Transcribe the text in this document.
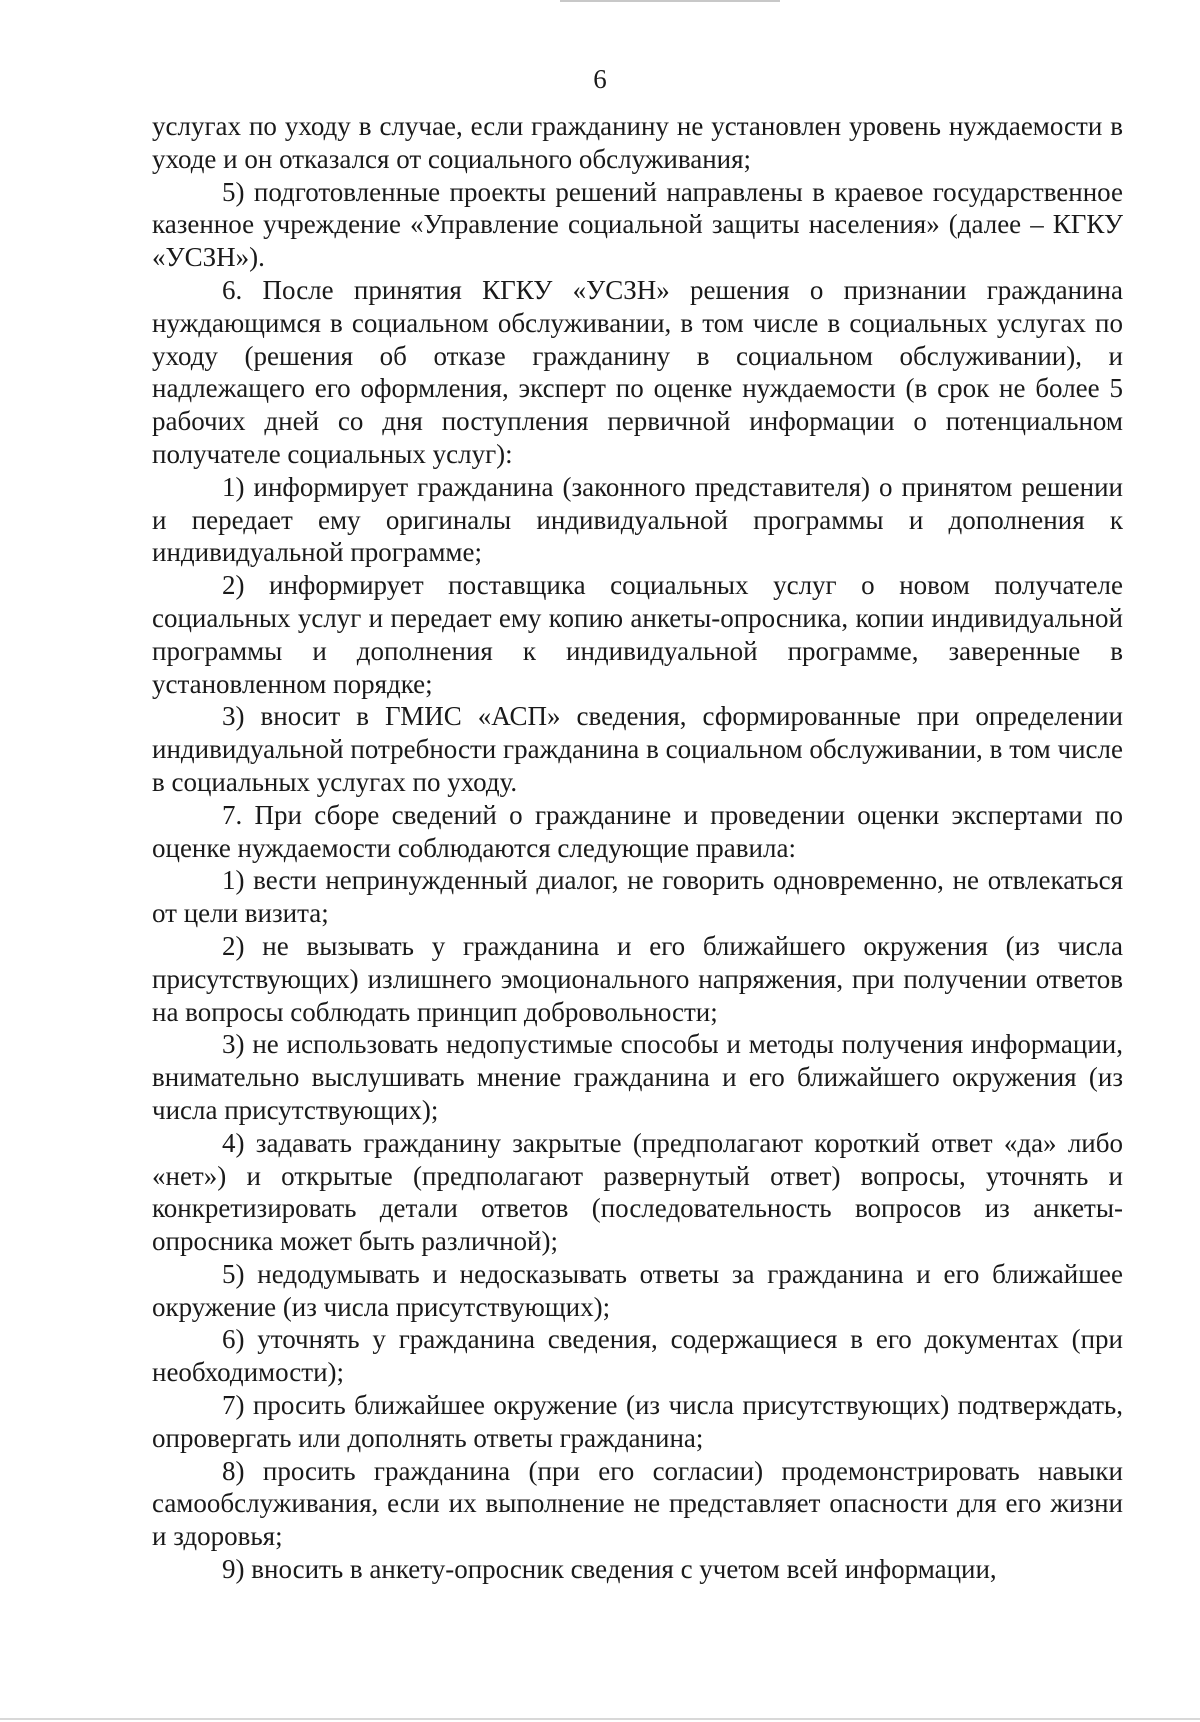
6

услугах по уходу в случае, если гражданину не установлен уровень нуждаемости в уходе и он отказался от социального обслуживания;

5) подготовленные проекты решений направлены в краевое государственное казенное учреждение «Управление социальной защиты населения» (далее – КГКУ «УСЗН»).

6. После принятия КГКУ «УСЗН» решения о признании гражданина нуждающимся в социальном обслуживании, в том числе в социальных услугах по уходу (решения об отказе гражданину в социальном обслуживании), и надлежащего его оформления, эксперт по оценке нуждаемости (в срок не более 5 рабочих дней со дня поступления первичной информации о потенциальном получателе социальных услуг):

1) информирует гражданина (законного представителя) о принятом решении и передает ему оригиналы индивидуальной программы и дополнения к индивидуальной программе;

2) информирует поставщика социальных услуг о новом получателе социальных услуг и передает ему копию анкеты-опросника, копии индивидуальной программы и дополнения к индивидуальной программе, заверенные в установленном порядке;

3) вносит в ГМИС «АСП» сведения, сформированные при определении индивидуальной потребности гражданина в социальном обслуживании, в том числе в социальных услугах по уходу.

7. При сборе сведений о гражданине и проведении оценки экспертами по оценке нуждаемости соблюдаются следующие правила:

1) вести непринужденный диалог, не говорить одновременно, не отвлекаться от цели визита;

2) не вызывать у гражданина и его ближайшего окружения (из числа присутствующих) излишнего эмоционального напряжения, при получении ответов на вопросы соблюдать принцип добровольности;

3) не использовать недопустимые способы и методы получения информации, внимательно выслушивать мнение гражданина и его ближайшего окружения (из числа присутствующих);

4) задавать гражданину закрытые (предполагают короткий ответ «да» либо «нет») и открытые (предполагают развернутый ответ) вопросы, уточнять и конкретизировать детали ответов (последовательность вопросов из анкеты-опросника может быть различной);

5) недодумывать и недосказывать ответы за гражданина и его ближайшее окружение (из числа присутствующих);

6) уточнять у гражданина сведения, содержащиеся в его документах (при необходимости);

7) просить ближайшее окружение (из числа присутствующих) подтверждать, опровергать или дополнять ответы гражданина;

8) просить гражданина (при его согласии) продемонстрировать навыки самообслуживания, если их выполнение не представляет опасности для его жизни и здоровья;

9) вносить в анкету-опросник сведения с учетом всей информации,
